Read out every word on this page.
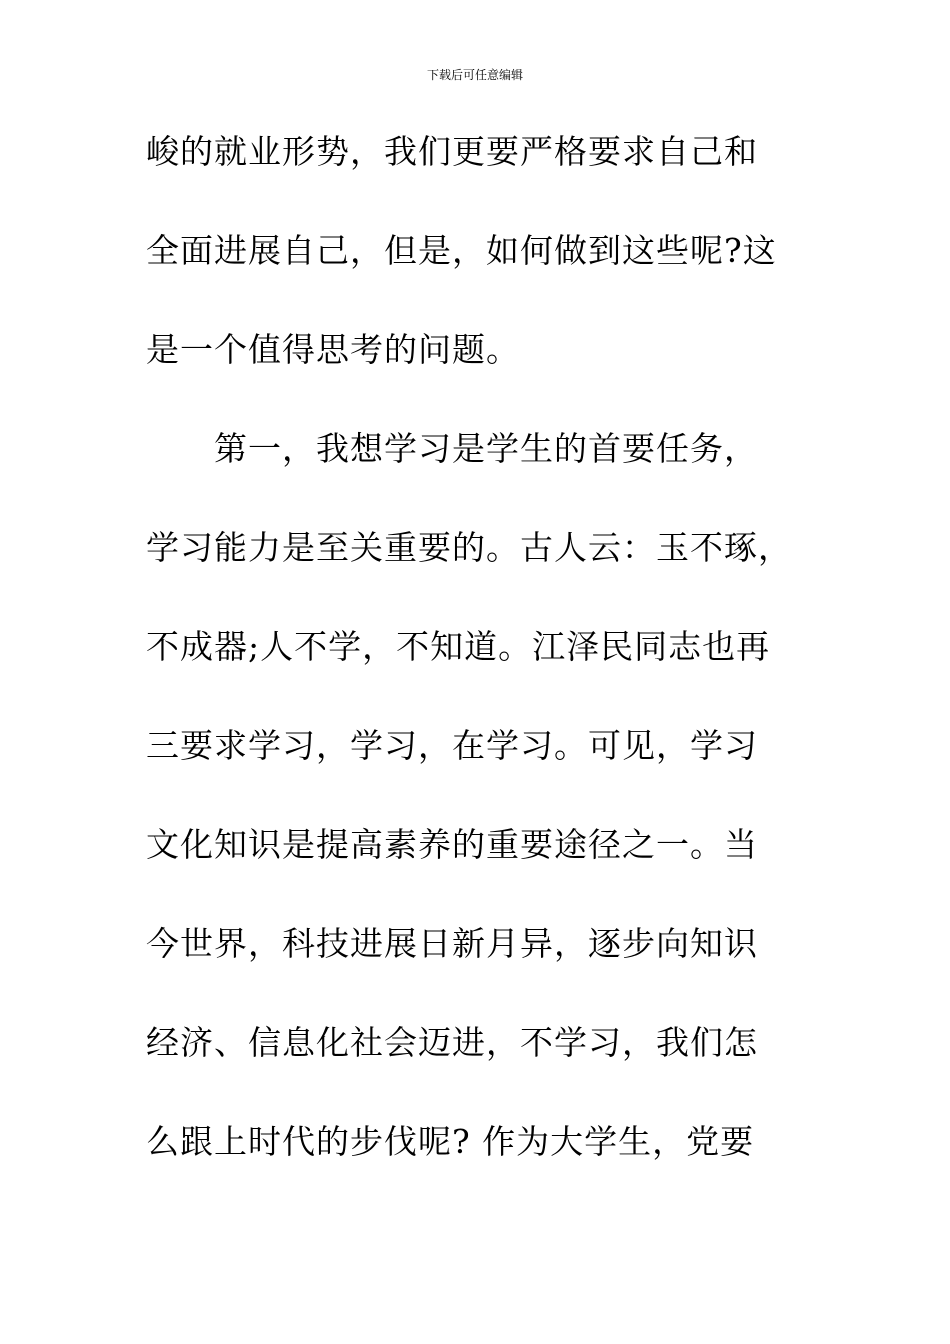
下载后可任意编辑
峻的就业形势，我们更要严格要求自己和
全面进展自己，但是，如何做到这些呢?这
是一个值得思考的问题。
第一，我想学习是学生的首要任务，
学习能力是至关重要的。古人云：玉不琢，
不成器;人不学，不知道。江泽民同志也再
三要求学习，学习，在学习。可见，学习
文化知识是提高素养的重要途径之一。当
今世界，科技进展日新月异，逐步向知识
经济、信息化社会迈进，不学习，我们怎
么跟上时代的步伐呢? 作为大学生，党要
